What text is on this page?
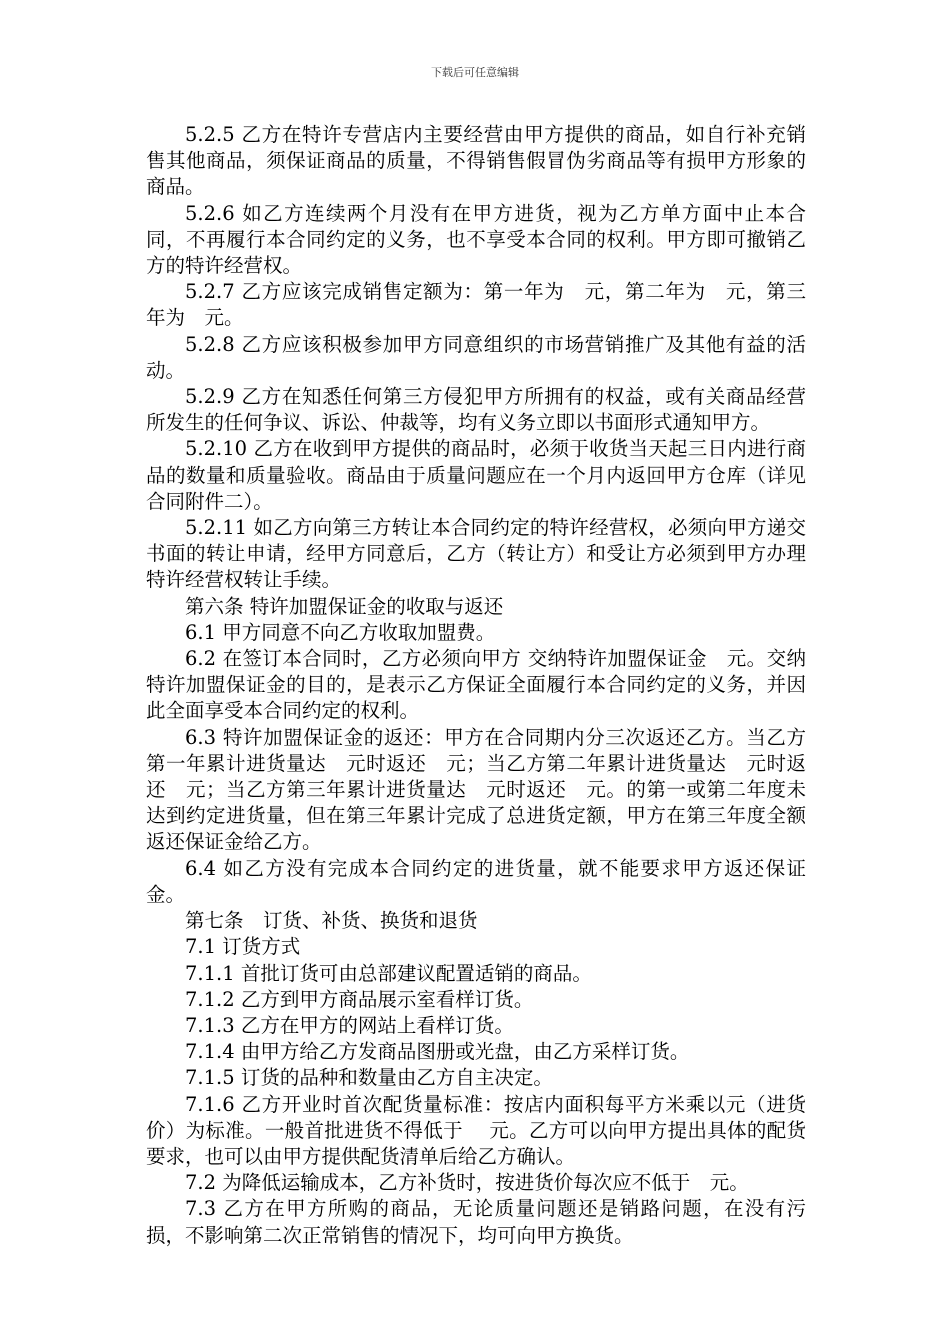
下载后可任意编辑

5.2.5 乙方在特许专营店内主要经营由甲方提供的商品，如自行补充销售其他商品，须保证商品的质量，不得销售假冒伪劣商品等有损甲方形象的商品。

5.2.6 如乙方连续两个月没有在甲方进货，视为乙方单方面中止本合同，不再履行本合同约定的义务，也不享受本合同的权利。甲方即可撤销乙方的特许经营权。

5.2.7 乙方应该完成销售定额为：第一年为　元，第二年为　元，第三年为　元。

5.2.8 乙方应该积极参加甲方同意组织的市场营销推广及其他有益的活动。

5.2.9 乙方在知悉任何第三方侵犯甲方所拥有的权益，或有关商品经营所发生的任何争议、诉讼、仲裁等，均有义务立即以书面形式通知甲方。

5.2.10 乙方在收到甲方提供的商品时，必须于收货当天起三日内进行商品的数量和质量验收。商品由于质量问题应在一个月内返回甲方仓库（详见合同附件二）。

5.2.11 如乙方向第三方转让本合同约定的特许经营权，必须向甲方递交书面的转让申请，经甲方同意后，乙方（转让方）和受让方必须到甲方办理特许经营权转让手续。

第六条 特许加盟保证金的收取与返还

6.1 甲方同意不向乙方收取加盟费。

6.2 在签订本合同时，乙方必须向甲方 交纳特许加盟保证金　元。交纳特许加盟保证金的目的，是表示乙方保证全面履行本合同约定的义务，并因此全面享受本合同约定的权利。

6.3 特许加盟保证金的返还：甲方在合同期内分三次返还乙方。当乙方第一年累计进货量达　元时返还　元；当乙方第二年累计进货量达　元时返还　元；当乙方第三年累计进货量达　元时返还　元。的第一或第二年度未达到约定进货量，但在第三年累计完成了总进货定额，甲方在第三年度全额返还保证金给乙方。

6.4 如乙方没有完成本合同约定的进货量，就不能要求甲方返还保证金。

第七条　订货、补货、换货和退货

7.1 订货方式

7.1.1 首批订货可由总部建议配置适销的商品。

7.1.2 乙方到甲方商品展示室看样订货。

7.1.3 乙方在甲方的网站上看样订货。

7.1.4 由甲方给乙方发商品图册或光盘，由乙方采样订货。

7.1.5 订货的品种和数量由乙方自主决定。

7.1.6 乙方开业时首次配货量标准：按店内面积每平方米乘以元（进货价）为标准。一般首批进货不得低于　 元。乙方可以向甲方提出具体的配货要求，也可以由甲方提供配货清单后给乙方确认。

7.2 为降低运输成本，乙方补货时，按进货价每次应不低于　元。

7.3 乙方在甲方所购的商品，无论质量问题还是销路问题，在没有污损，不影响第二次正常销售的情况下，均可向甲方换货。
